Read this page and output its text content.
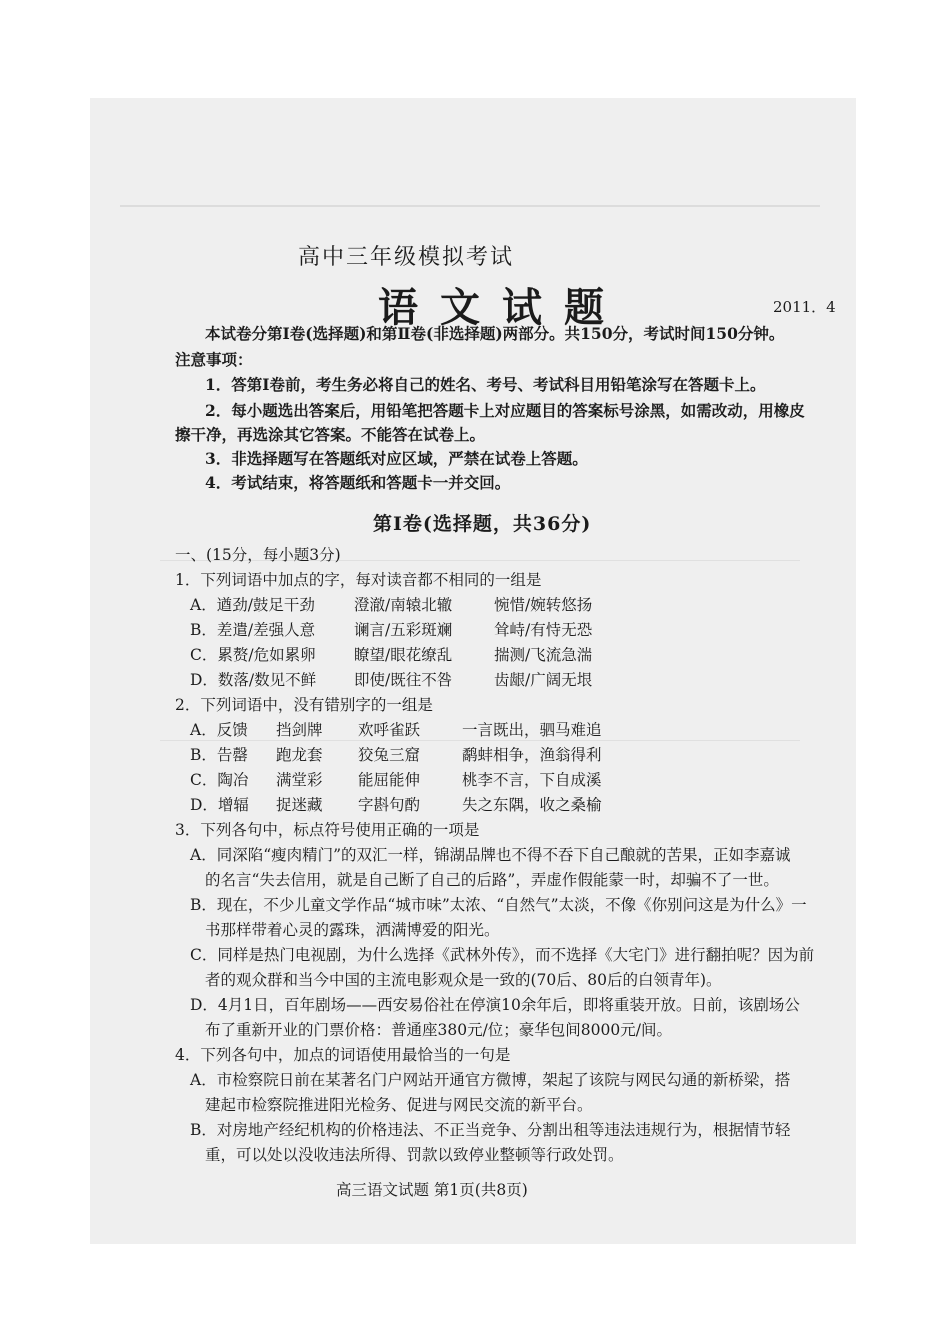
高中三年级模拟考试
语文试题	2011．4
本试卷分第Ⅰ卷(选择题)和第Ⅱ卷(非选择题)两部分。共150分，考试时间150分钟。
注意事项：
1．答第Ⅰ卷前，考生务必将自己的姓名、考号、考试科目用铅笔涂写在答题卡上。
2．每小题选出答案后，用铅笔把答题卡上对应题目的答案标号涂黑，如需改动，用橡皮
擦干净，再选涂其它答案。不能答在试卷上。
3．非选择题写在答题纸对应区域，严禁在试卷上答题。
4．考试结束，将答题纸和答题卡一并交回。
第Ⅰ卷(选择题，共36分)
一、(15分，每小题3分)
1．下列词语中加点的字，每对读音都不相同的一组是
A．遒劲/鼓足干劲	澄澈/南辕北辙	惋惜/婉转悠扬
B．差遣/差强人意	谰言/五彩斑斓	耸峙/有恃无恐
C．累赘/危如累卵 瞭望/眼花缭乱	揣测/飞流急湍
D．数落/数见不鲜 即使/既往不咎	齿龈/广阔无垠
2．下列词语中，没有错别字的一组是
A．反馈 挡剑牌 欢呼雀跃	一言既出，驷马难追
B．告罄 跑龙套 狡兔三窟	鹬蚌相争，渔翁得利
C．陶冶 满堂彩 能屈能伸	桃李不言，下自成溪
D．增辐 捉迷藏 字斟句酌	失之东隅，收之桑榆
3．下列各句中，标点符号使用正确的一项是
A．同深陷“瘦肉精门”的双汇一样，锦湖品牌也不得不吞下自己酿就的苦果，正如李嘉诚
的名言“失去信用，就是自己断了自己的后路”，弄虚作假能蒙一时，却骗不了一世。
B．现在，不少儿童文学作品“城市味”太浓、“自然气”太淡，不像《你别问这是为什么》一
书那样带着心灵的露珠，洒满博爱的阳光。
C．同样是热门电视剧，为什么选择《武林外传》，而不选择《大宅门》进行翻拍呢？因为前
者的观众群和当今中国的主流电影观众是一致的(70后、80后的白领青年)。
D．4月1日，百年剧场——西安易俗社在停演10余年后，即将重装开放。日前，该剧场公
布了重新开业的门票价格：普通座380元/位；豪华包间8000元/间。
4．下列各句中，加点的词语使用最恰当的一句是
A．市检察院日前在某著名门户网站开通官方微博，架起了该院与网民勾通的新桥梁，搭
建起市检察院推进阳光检务、促进与网民交流的新平台。
B．对房地产经纪机构的价格违法、不正当竞争、分割出租等违法违规行为，根据情节轻
重，可以处以没收违法所得、罚款以致停业整顿等行政处罚。
高三语文试题 第1页(共8页)
